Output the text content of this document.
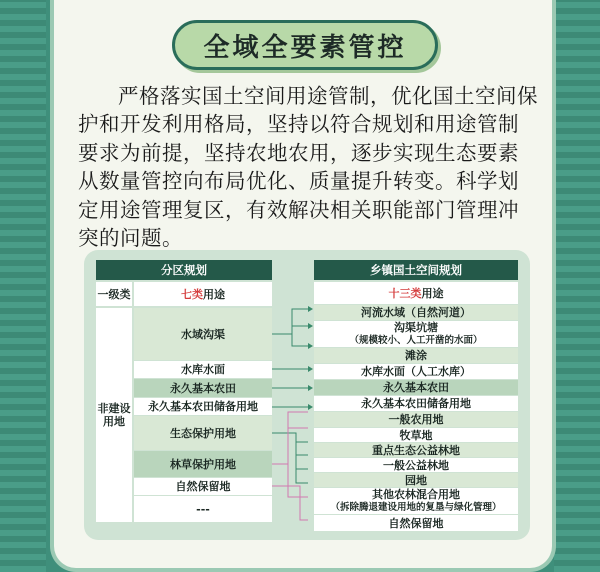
全域全要素管控

严格落实国土空间用途管制，优化国土空间保护和开发利用格局，坚持以符合规划和用途管制要求为前提，坚持农地农用，逐步实现生态要素从数量管控向布局优化、质量提升转变。科学划定用途管理复区，有效解决相关职能部门管理冲突的问题。

分区规划
一级类	七类 用途
非建设用地
水域沟渠
水库水面
永久基本农田
永久基本农田储备用地
生态保护用地
林草保护用地
自然保留地
---
乡镇国土空间规划
十三类 用途
河流水域（自然河道）
沟渠坑塘
（规模较小、人工开凿的水面）
滩涂
水库水面（人工水库）
永久基本农田
永久基本农田储备用地
一般农用地
牧草地
重点生态公益林地
一般公益林地
园地
其他农林混合用地
（拆除腾退建设用地的复垦与绿化管理）
自然保留地
